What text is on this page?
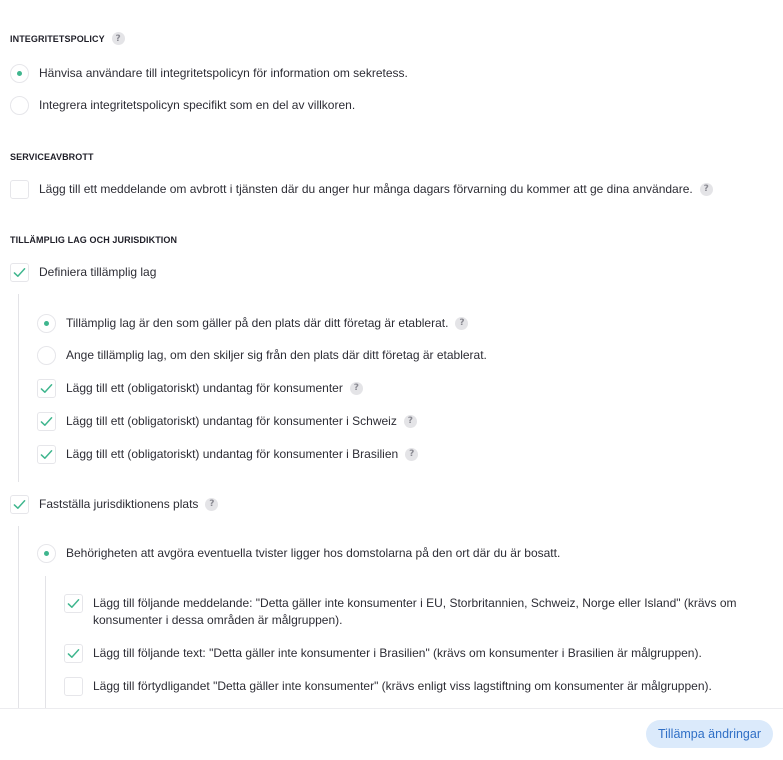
INTEGRITETSPOLICY	?
Hänvisa användare till integritetspolicyn för information om sekretess.
Integrera integritetspolicyn specifikt som en del av villkoren.
SERVICEAVBROTT
Lägg till ett meddelande om avbrott i tjänsten där du anger hur många dagars förvarning du kommer att ge dina användare.	?
TILLÄMPLIG LAG OCH JURISDIKTION
Definiera tillämplig lag
Tillämplig lag är den som gäller på den plats där ditt företag är etablerat.	?
Ange tillämplig lag, om den skiljer sig från den plats där ditt företag är etablerat.
Lägg till ett (obligatoriskt) undantag för konsumenter	?
Lägg till ett (obligatoriskt) undantag för konsumenter i Schweiz	?
Lägg till ett (obligatoriskt) undantag för konsumenter i Brasilien	?
Fastställa jurisdiktionens plats	?
Behörigheten att avgöra eventuella tvister ligger hos domstolarna på den ort där du är bosatt.
Lägg till följande meddelande: "Detta gäller inte konsumenter i EU, Storbritannien, Schweiz, Norge eller Island" (krävs om
konsumenter i dessa områden är målgruppen).
Lägg till följande text: "Detta gäller inte konsumenter i Brasilien" (krävs om konsumenter i Brasilien är målgruppen).
Lägg till förtydligandet "Detta gäller inte konsumenter" (krävs enligt viss lagstiftning om konsumenter är målgruppen).
Tillämpa ändringar
